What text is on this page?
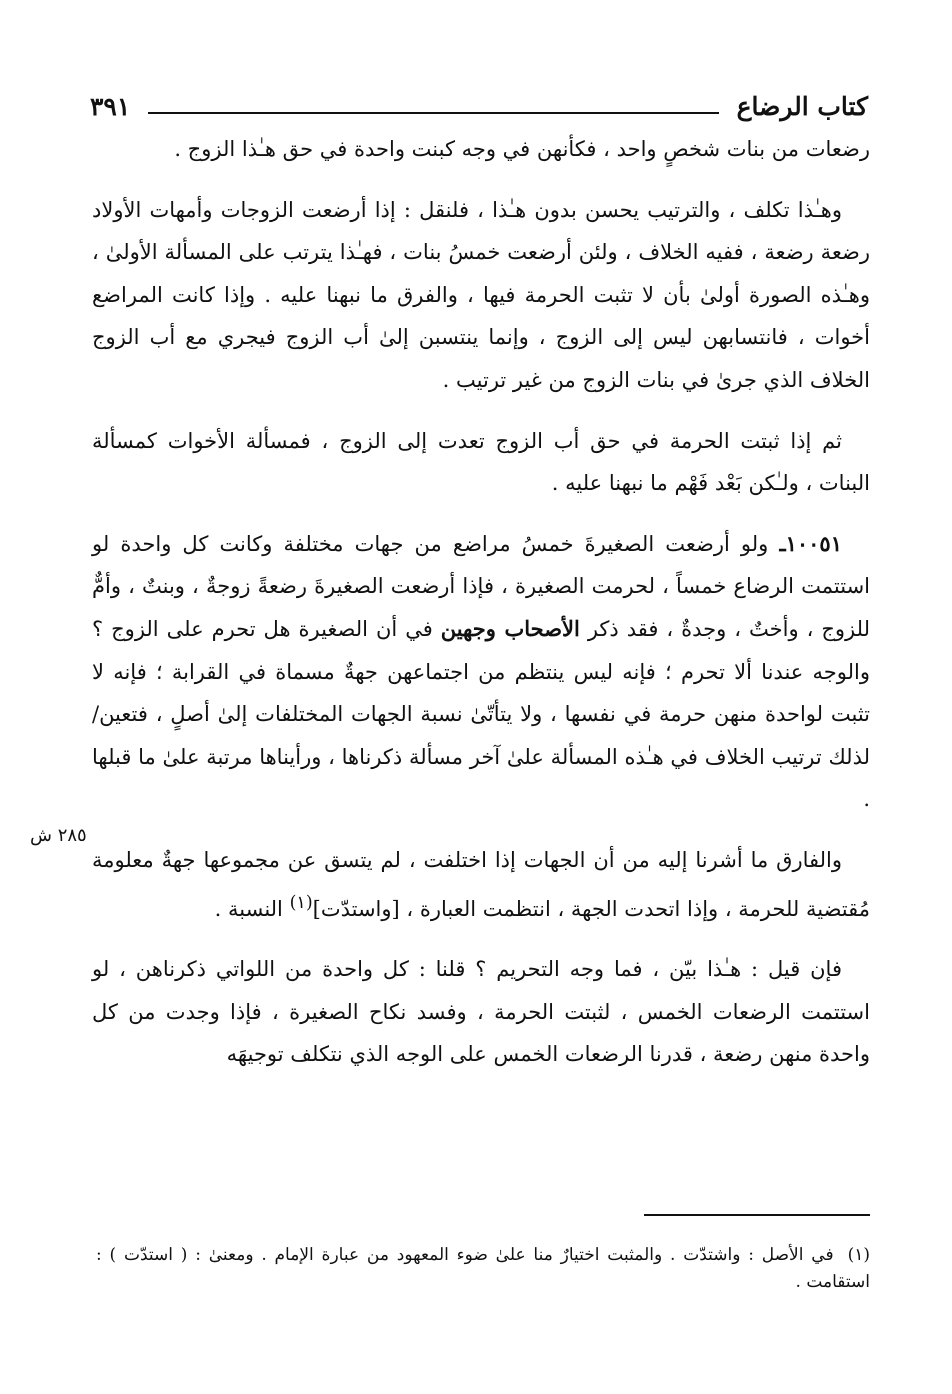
كتاب الرضاع
٣٩١

رضعات من بنات شخصٍ واحد ، فكأنهن في وجه كبنت واحدة في حق هـٰذا الزوج .

وهـٰذا تكلف ، والترتيب يحسن بدون هـٰذا ، فلنقل : إذا أرضعت الزوجات وأمهات الأولاد رضعة رضعة ، ففيه الخلاف ، ولئن أرضعت خمسُ بنات ، فهـٰذا يترتب على المسألة الأولىٰ ، وهـٰذه الصورة أولىٰ بأن لا تثبت الحرمة فيها ، والفرق ما نبهنا عليه . وإذا كانت المراضع أخوات ، فانتسابهن ليس إلى الزوج ، وإنما ينتسبن إلىٰ أب الزوج فيجري مع أب الزوج الخلاف الذي جرىٰ في بنات الزوج من غير ترتيب .

ثم إذا ثبتت الحرمة في حق أب الزوج تعدت إلى الزوج ، فمسألة الأخوات كمسألة البنات ، ولـٰكن بَعْد فَهْم ما نبهنا عليه .

١٠٠٥١ـ ولو أرضعت الصغيرةَ خمسُ مراضع من جهات مختلفة وكانت كل واحدة لو استتمت الرضاع خمساً ، لحرمت الصغيرة ، فإذا أرضعت الصغيرةَ رضعةً زوجةٌ ، وبنتٌ ، وأمٌّ للزوج ، وأختٌ ، وجدةٌ ، فقد ذكر الأصحاب وجهين في أن الصغيرة هل تحرم على الزوج ؟ والوجه عندنا ألا تحرم ؛ فإنه ليس ينتظم من اجتماعهن جهةٌ مسماة في القرابة ؛ فإنه لا تثبت لواحدة منهن حرمة في نفسها ، ولا يتأتّىٰ نسبة الجهات المختلفات إلىٰ أصلٍ ، فتعين/ لذلك ترتيب الخلاف في هـٰذه المسألة علىٰ آخر مسألة ذكرناها ، ورأيناها مرتبة علىٰ ما قبلها .

والفارق ما أشرنا إليه من أن الجهات إذا اختلفت ، لم يتسق عن مجموعها جهةٌ معلومة مُقتضية للحرمة ، وإذا اتحدت الجهة ، انتظمت العبارة ، [واستدّت]$^{(١)}$ النسبة .

فإن قيل : هـٰذا بيّن ، فما وجه التحريم ؟ قلنا : كل واحدة من اللواتي ذكرناهن ، لو استتمت الرضعات الخمس ، لثبتت الحرمة ، وفسد نكاح الصغيرة ، فإذا وجدت من كل واحدة منهن رضعة ، قدرنا الرضعات الخمس على الوجه الذي نتكلف توجيهَه

٢٨٥ ش
(١)في الأصل : واشتدّت . والمثبت اختيارٌ منا علىٰ ضوء المعهود من عبارة الإمام . ومعنىٰ : ( استدّت ) : استقامت .
